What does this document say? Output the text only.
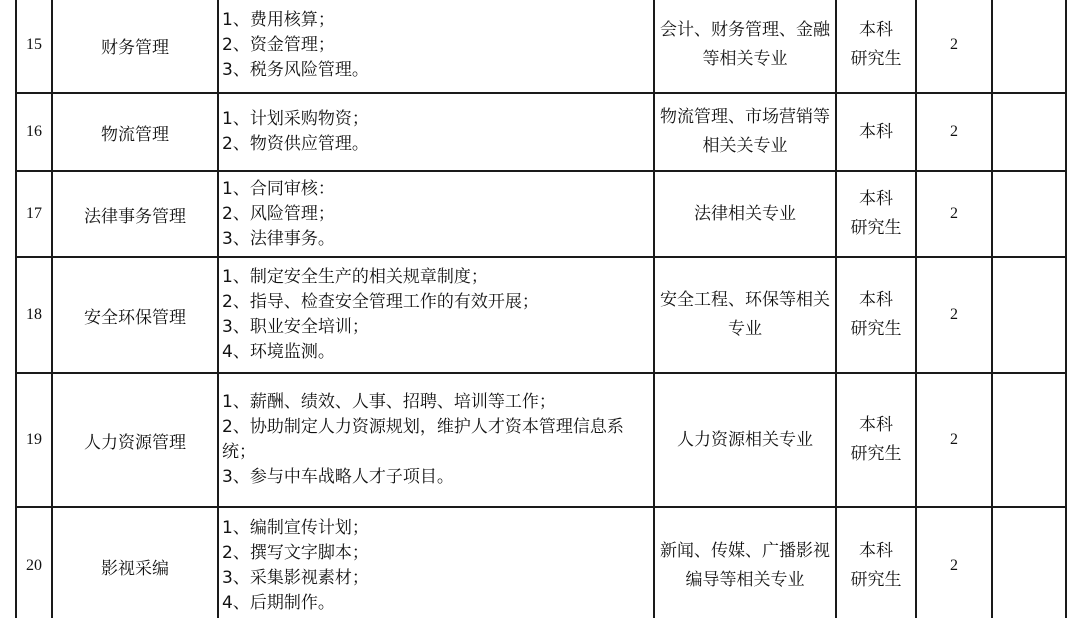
15	财务管理	1、费用核算；
2、资金管理；
3、税务风险管理。	会计、财务管理、金融等相关专业	本科
研究生	2	
16	物流管理	1、计划采购物资；
2、物资供应管理。	物流管理、市场营销等相关关专业	本科	2	
17	法律事务管理	1、合同审核：
2、风险管理；
3、法律事务。	法律相关专业	本科
研究生	2	
18	安全环保管理	1、制定安全生产的相关规章制度；
2、指导、检查安全管理工作的有效开展；
3、职业安全培训；
4、环境监测。	安全工程、环保等相关专业	本科
研究生	2	
19	人力资源管理	1、薪酬、绩效、人事、招聘、培训等工作；
2、协助制定人力资源规划，维护人才资本管理信息系统；
3、参与中车战略人才子项目。	人力资源相关专业	本科
研究生	2	
20	影视采编	1、编制宣传计划；
2、撰写文字脚本；
3、采集影视素材；
4、后期制作。	新闻、传媒、广播影视编导等相关专业	本科
研究生	2	
